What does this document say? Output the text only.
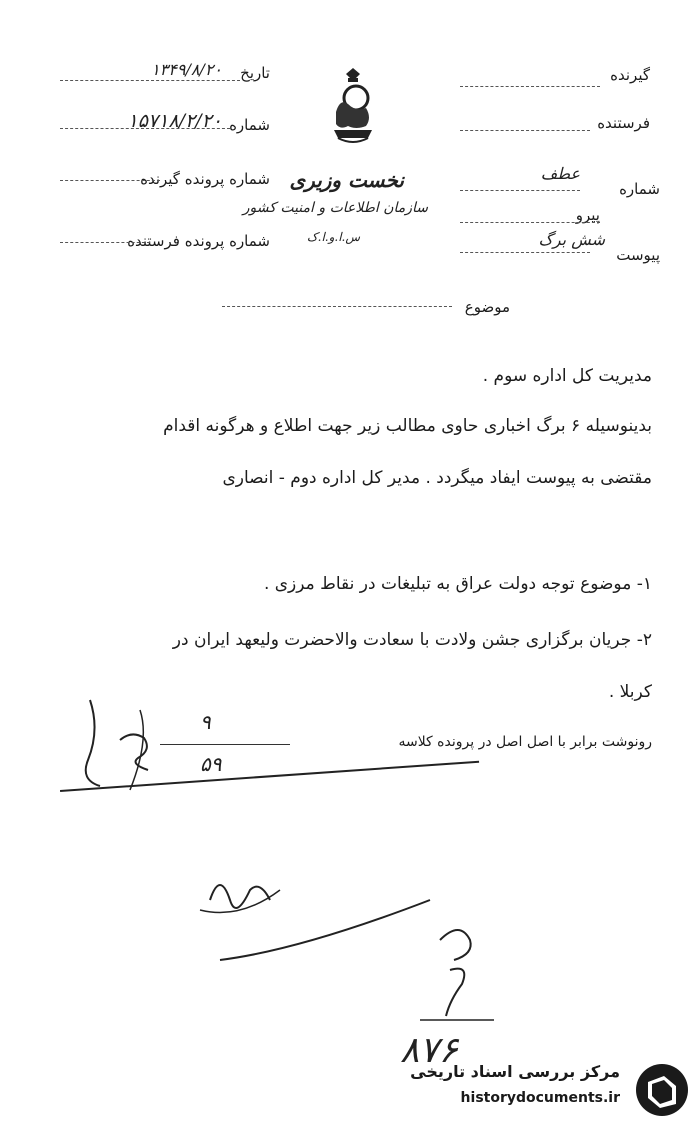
گیرنده
فرستنده
عطف
شماره
پیرو
پیوست
شش برگ
تاریخ
۱۳۴۹/۸/۲۰
شماره
۱۵۷۱۸/۲/۲۰
شماره پرونده گیرنده
شماره پرونده فرستنده
نخست وزیری
سازمان اطلاعات و امنیت کشور
س.ا.و.ا.ک
موضوع
مدیریت کل اداره سوم .
بدینوسیله ۶ برگ اخباری حاوی مطالب زیر جهت اطلاع و هرگونه اقدام
مقتضی به پیوست ایفاد میگردد . مدیر کل اداره دوم - انصاری
۱- موضوع توجه دولت عراق به تبلیغات در نقاط مرزی .
۲- جریان برگزاری جشن ولادت با سعادت والاحضرت ولیعهد ایران در
کربلا .
رونوشت برابر با اصل اصل در پرونده کلاسه
۹
۵۹
۸۷۶
مرکز بررسی اسناد تاریخی
historydocuments.ir
